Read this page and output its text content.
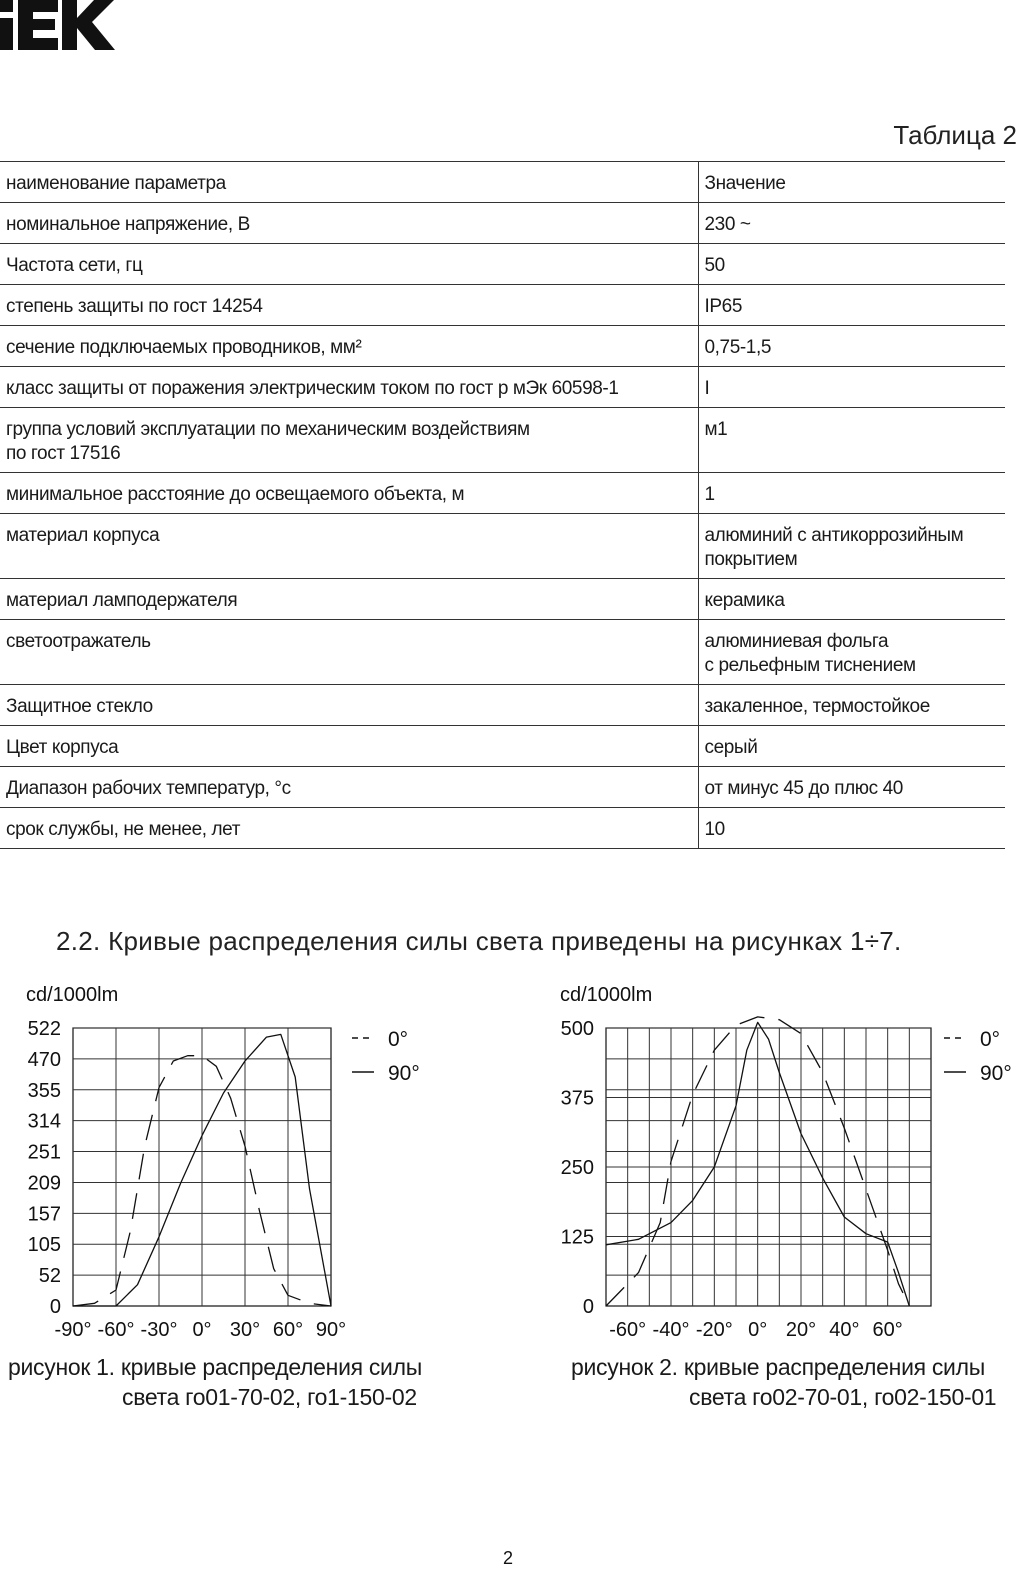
Таблица 2
наименование параметра	Значение
номинальное напряжение, В	230 ~
Частота сети, гц	50
степень защиты по гост 14254	IP65
сечение подключаемых проводников, мм²	0,75-1,5
класс защиты от поражения электрическим током по гост р мЭк 60598-1	I
группа условий эксплуатации по механическим воздействиям
по гост 17516	м1
минимальное расстояние до освещаемого объекта, м	1
материал корпуса	алюминий с антикоррозийным
покрытием
материал ламподержателя	керамика
светоотражатель	алюминиевая фольга
с рельефным тиснением
Защитное стекло	закаленное, термостойкое
Цвет корпуса	серый
Диапазон рабочих температур, °с	от минус 45 до плюс 40
срок службы, не менее, лет	10
2.2. Кривые распределения силы света приведены на рисунках 1÷7.
0
52
105
157
209
251
314
355
470
522
-90° -60° -30° 0° 30° 60° 90°
cd/1000lm
0°
90°
рисунок 1. кривые распределения силы
света го01-70-02, го1-150-02
0
125
250
375
500
-60° -40° -20° 0° 20° 40° 60°
cd/1000lm
0°
90°
рисунок 2. кривые распределения силы
света го02-70-01, го02-150-01
2
